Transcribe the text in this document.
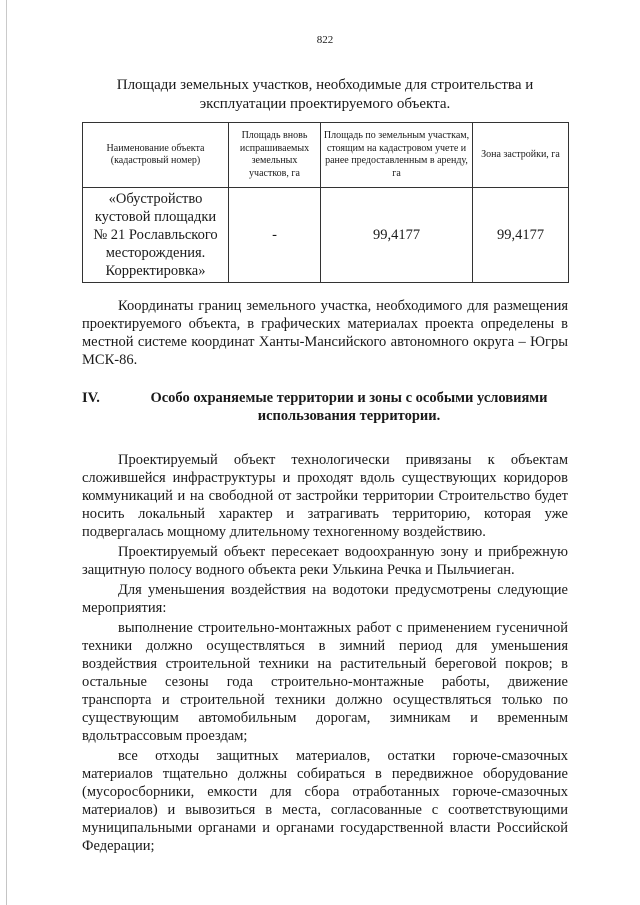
822
Площади земельных участков, необходимые для строительства и эксплуатации проектируемого объекта.
Наименование объекта (кадастровый номер)	Площадь вновь испрашиваемых земельных участков, га	Площадь по земельным участкам, стоящим на кадастровом учете и ранее предоставленным в аренду, га	Зона застройки, га
«Обустройство кустовой площадки № 21 Рославльского месторождения. Корректировка»	-	99,4177	99,4177

Координаты границ земельного участка, необходимого для размещения проектируемого объекта, в графических материалах проекта определены в местной системе координат Ханты-Мансийского автономного округа – Югры МСК-86.

IV.	Особо охраняемые территории и зоны с особыми условиями использования территории.

Проектируемый объект технологически привязаны к объектам сложившейся инфраструктуры и проходят вдоль существующих коридоров коммуникаций и на свободной от застройки территории Строительство будет носить локальный характер и затрагивать территорию, которая уже подвергалась мощному длительному техногенному воздействию.

Проектируемый объект пересекает водоохранную зону и прибрежную защитную полосу водного объекта реки Улькина Речка и Пыльчиеган.

Для уменьшения воздействия на водотоки предусмотрены следующие мероприятия:

выполнение строительно-монтажных работ с применением гусеничной техники должно осуществляться в зимний период для уменьшения воздействия строительной техники на растительный береговой покров; в остальные сезоны года строительно-монтажные работы, движение транспорта и строительной техники должно осуществляться только по существующим автомобильным дорогам, зимникам и временным вдольтрассовым проездам;

все отходы защитных материалов, остатки горюче-смазочных материалов тщательно должны собираться в передвижное оборудование (мусоросборники, емкости для сбора отработанных горюче-смазочных материалов) и вывозиться в места, согласованные с соответствующими муниципальными органами и органами государственной власти Российской Федерации;
